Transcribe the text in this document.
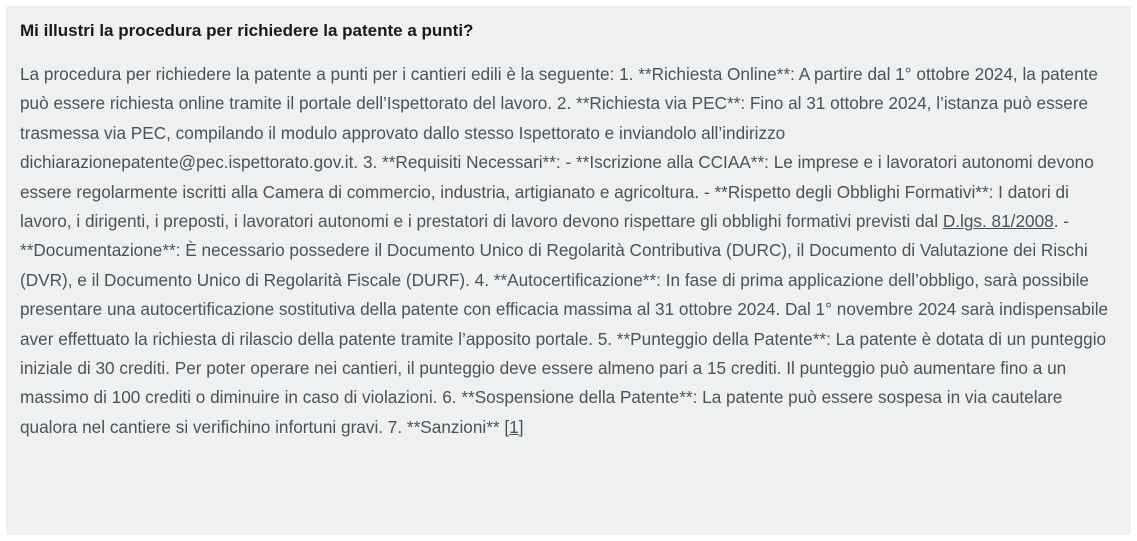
Mi illustri la procedura per richiedere la patente a punti?

La procedura per richiedere la patente a punti per i cantieri edili è la seguente: 1. **Richiesta Online**: A partire dal 1° ottobre 2024, la patente può essere richiesta online tramite il portale dell’Ispettorato del lavoro. 2. **Richiesta via PEC**: Fino al 31 ottobre 2024, l’istanza può essere trasmessa via PEC, compilando il modulo approvato dallo stesso Ispettorato e inviandolo all’indirizzo dichiarazionepatente@pec.ispettorato.gov.it. 3. **Requisiti Necessari**: - **Iscrizione alla CCIAA**: Le imprese e i lavoratori autonomi devono essere regolarmente iscritti alla Camera di commercio, industria, artigianato e agricoltura. - **Rispetto degli Obblighi Formativi**: I datori di lavoro, i dirigenti, i preposti, i lavoratori autonomi e i prestatori di lavoro devono rispettare gli obblighi formativi previsti dal D.lgs. 81/2008. - **Documentazione**: È necessario possedere il Documento Unico di Regolarità Contributiva (DURC), il Documento di Valutazione dei Rischi (DVR), e il Documento Unico di Regolarità Fiscale (DURF). 4. **Autocertificazione**: In fase di prima applicazione dell’obbligo, sarà possibile presentare una autocertificazione sostitutiva della patente con efficacia massima al 31 ottobre 2024. Dal 1° novembre 2024 sarà indispensabile aver effettuato la richiesta di rilascio della patente tramite l’apposito portale. 5. **Punteggio della Patente**: La patente è dotata di un punteggio iniziale di 30 crediti. Per poter operare nei cantieri, il punteggio deve essere almeno pari a 15 crediti. Il punteggio può aumentare fino a un massimo di 100 crediti o diminuire in caso di violazioni. 6. **Sospensione della Patente**: La patente può essere sospesa in via cautelare qualora nel cantiere si verifichino infortuni gravi. 7. **Sanzioni** [1]
